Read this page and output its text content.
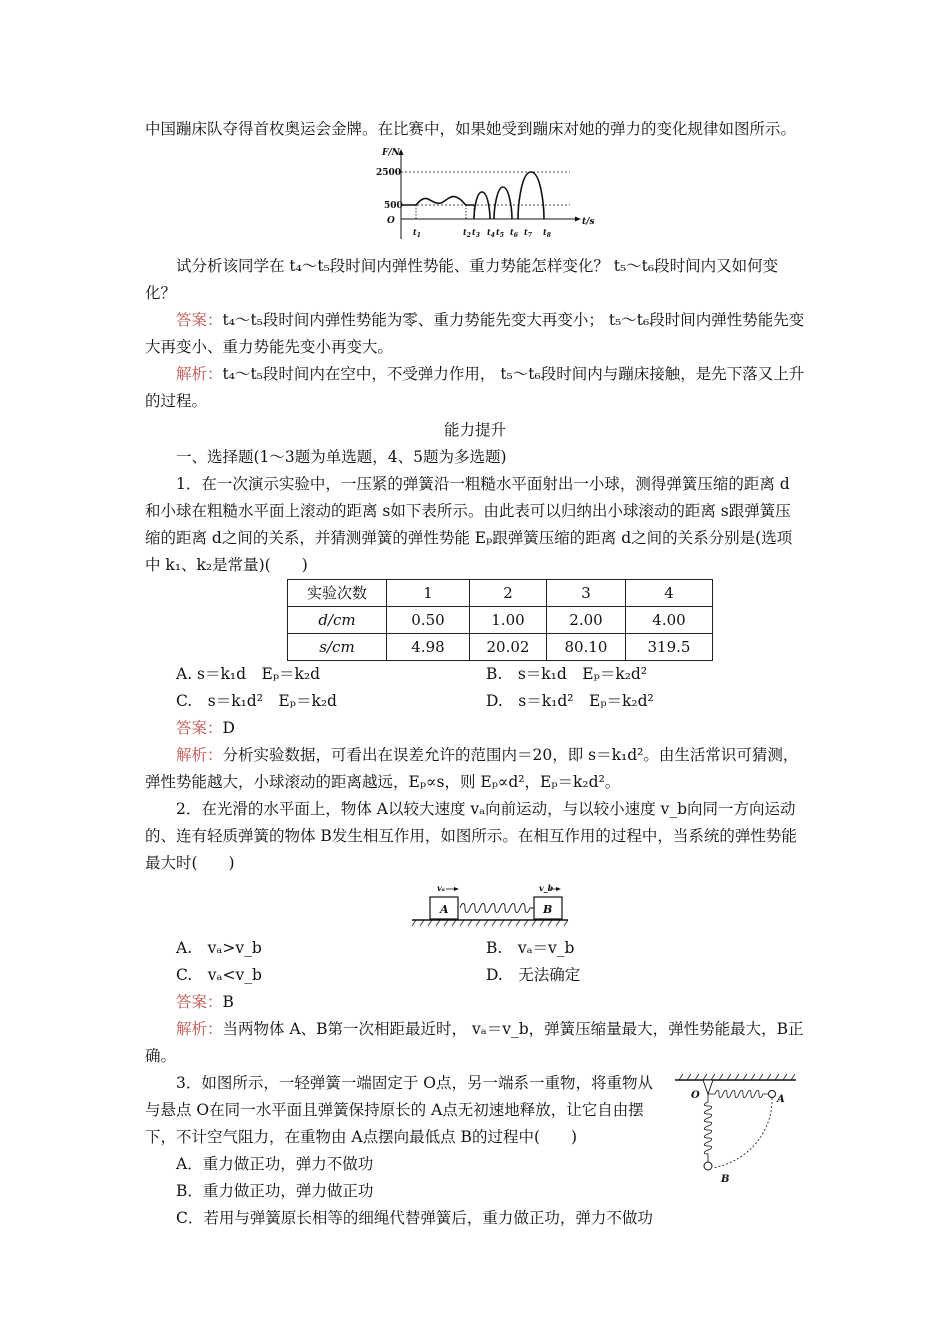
中国蹦床队夺得首枚奥运会金牌。在比赛中，如果她受到蹦床对她的弹力的变化规律如图所示。

F/N
t/s
O
2500
500
$t_1$	$t_2$ $t_3$ $t_4$ $t_5$ $t_6$ $t_7$ $t_8$

试分析该同学在 t₄～t₅段时间内弹性势能、重力势能怎样变化？ t₅～t₆段时间内又如何变化？

答案：t₄～t₅段时间内弹性势能为零、重力势能先变大再变小； t₅～t₆段时间内弹性势能先变大再变小、重力势能先变小再变大。

解析：t₄～t₅段时间内在空中，不受弹力作用， t₅～t₆段时间内与蹦床接触，是先下落又上升的过程。

能力提升

一、选择题(1～3题为单选题，4、5题为多选题)

1．在一次演示实验中，一压紧的弹簧沿一粗糙水平面射出一小球，测得弹簧压缩的距离 d和小球在粗糙水平面上滚动的距离 s如下表所示。由此表可以归纳出小球滚动的距离 s跟弹簧压缩的距离 d之间的关系，并猜测弹簧的弹性势能 Eₚ跟弹簧压缩的距离 d之间的关系分别是(选项中 k₁、k₂是常量)(　　)

实验次数	1	2	3	4
d/cm	0.50	1.00	2.00	4.00
s/cm	4.98	20.02	80.10	319.5
A. s＝k₁d　Eₚ＝k₂d	B.　s＝k₁d　Eₚ＝k₂d²
C.　s＝k₁d²　Eₚ＝k₂d	D.　s＝k₁d²　Eₚ＝k₂d²

答案：D

解析：分析实验数据，可看出在误差允许的范围内＝20，即 s＝k₁d²。由生活常识可猜测，弹性势能越大，小球滚动的距离越远，Eₚ∝s，则 Eₚ∝d²，Eₚ＝k₂d²。

2．在光滑的水平面上，物体 A以较大速度 vₐ向前运动，与以较小速度 v_b向同一方向运动的、连有轻质弹簧的物体 B发生相互作用，如图所示。在相互作用的过程中，当系统的弹性势能最大时(　　)

vₐ	v_b
A	B
A.　vₐ>v_b	B.　vₐ＝v_b
C.　vₐ<v_b	D.　无法确定

答案：B

解析：当两物体 A、B第一次相距最近时， vₐ＝v_b，弹簧压缩量最大，弹性势能最大，B正确。

3．如图所示，一轻弹簧一端固定于 O点，另一端系一重物，将重物从与悬点 O在同一水平面且弹簧保持原长的 A点无初速地释放，让它自由摆下，不计空气阻力，在重物由 A点摆向最低点 B的过程中(　　)

O	A
B

A．重力做正功，弹力不做功

B．重力做正功，弹力做正功

C．若用与弹簧原长相等的细绳代替弹簧后，重力做正功，弹力不做功
